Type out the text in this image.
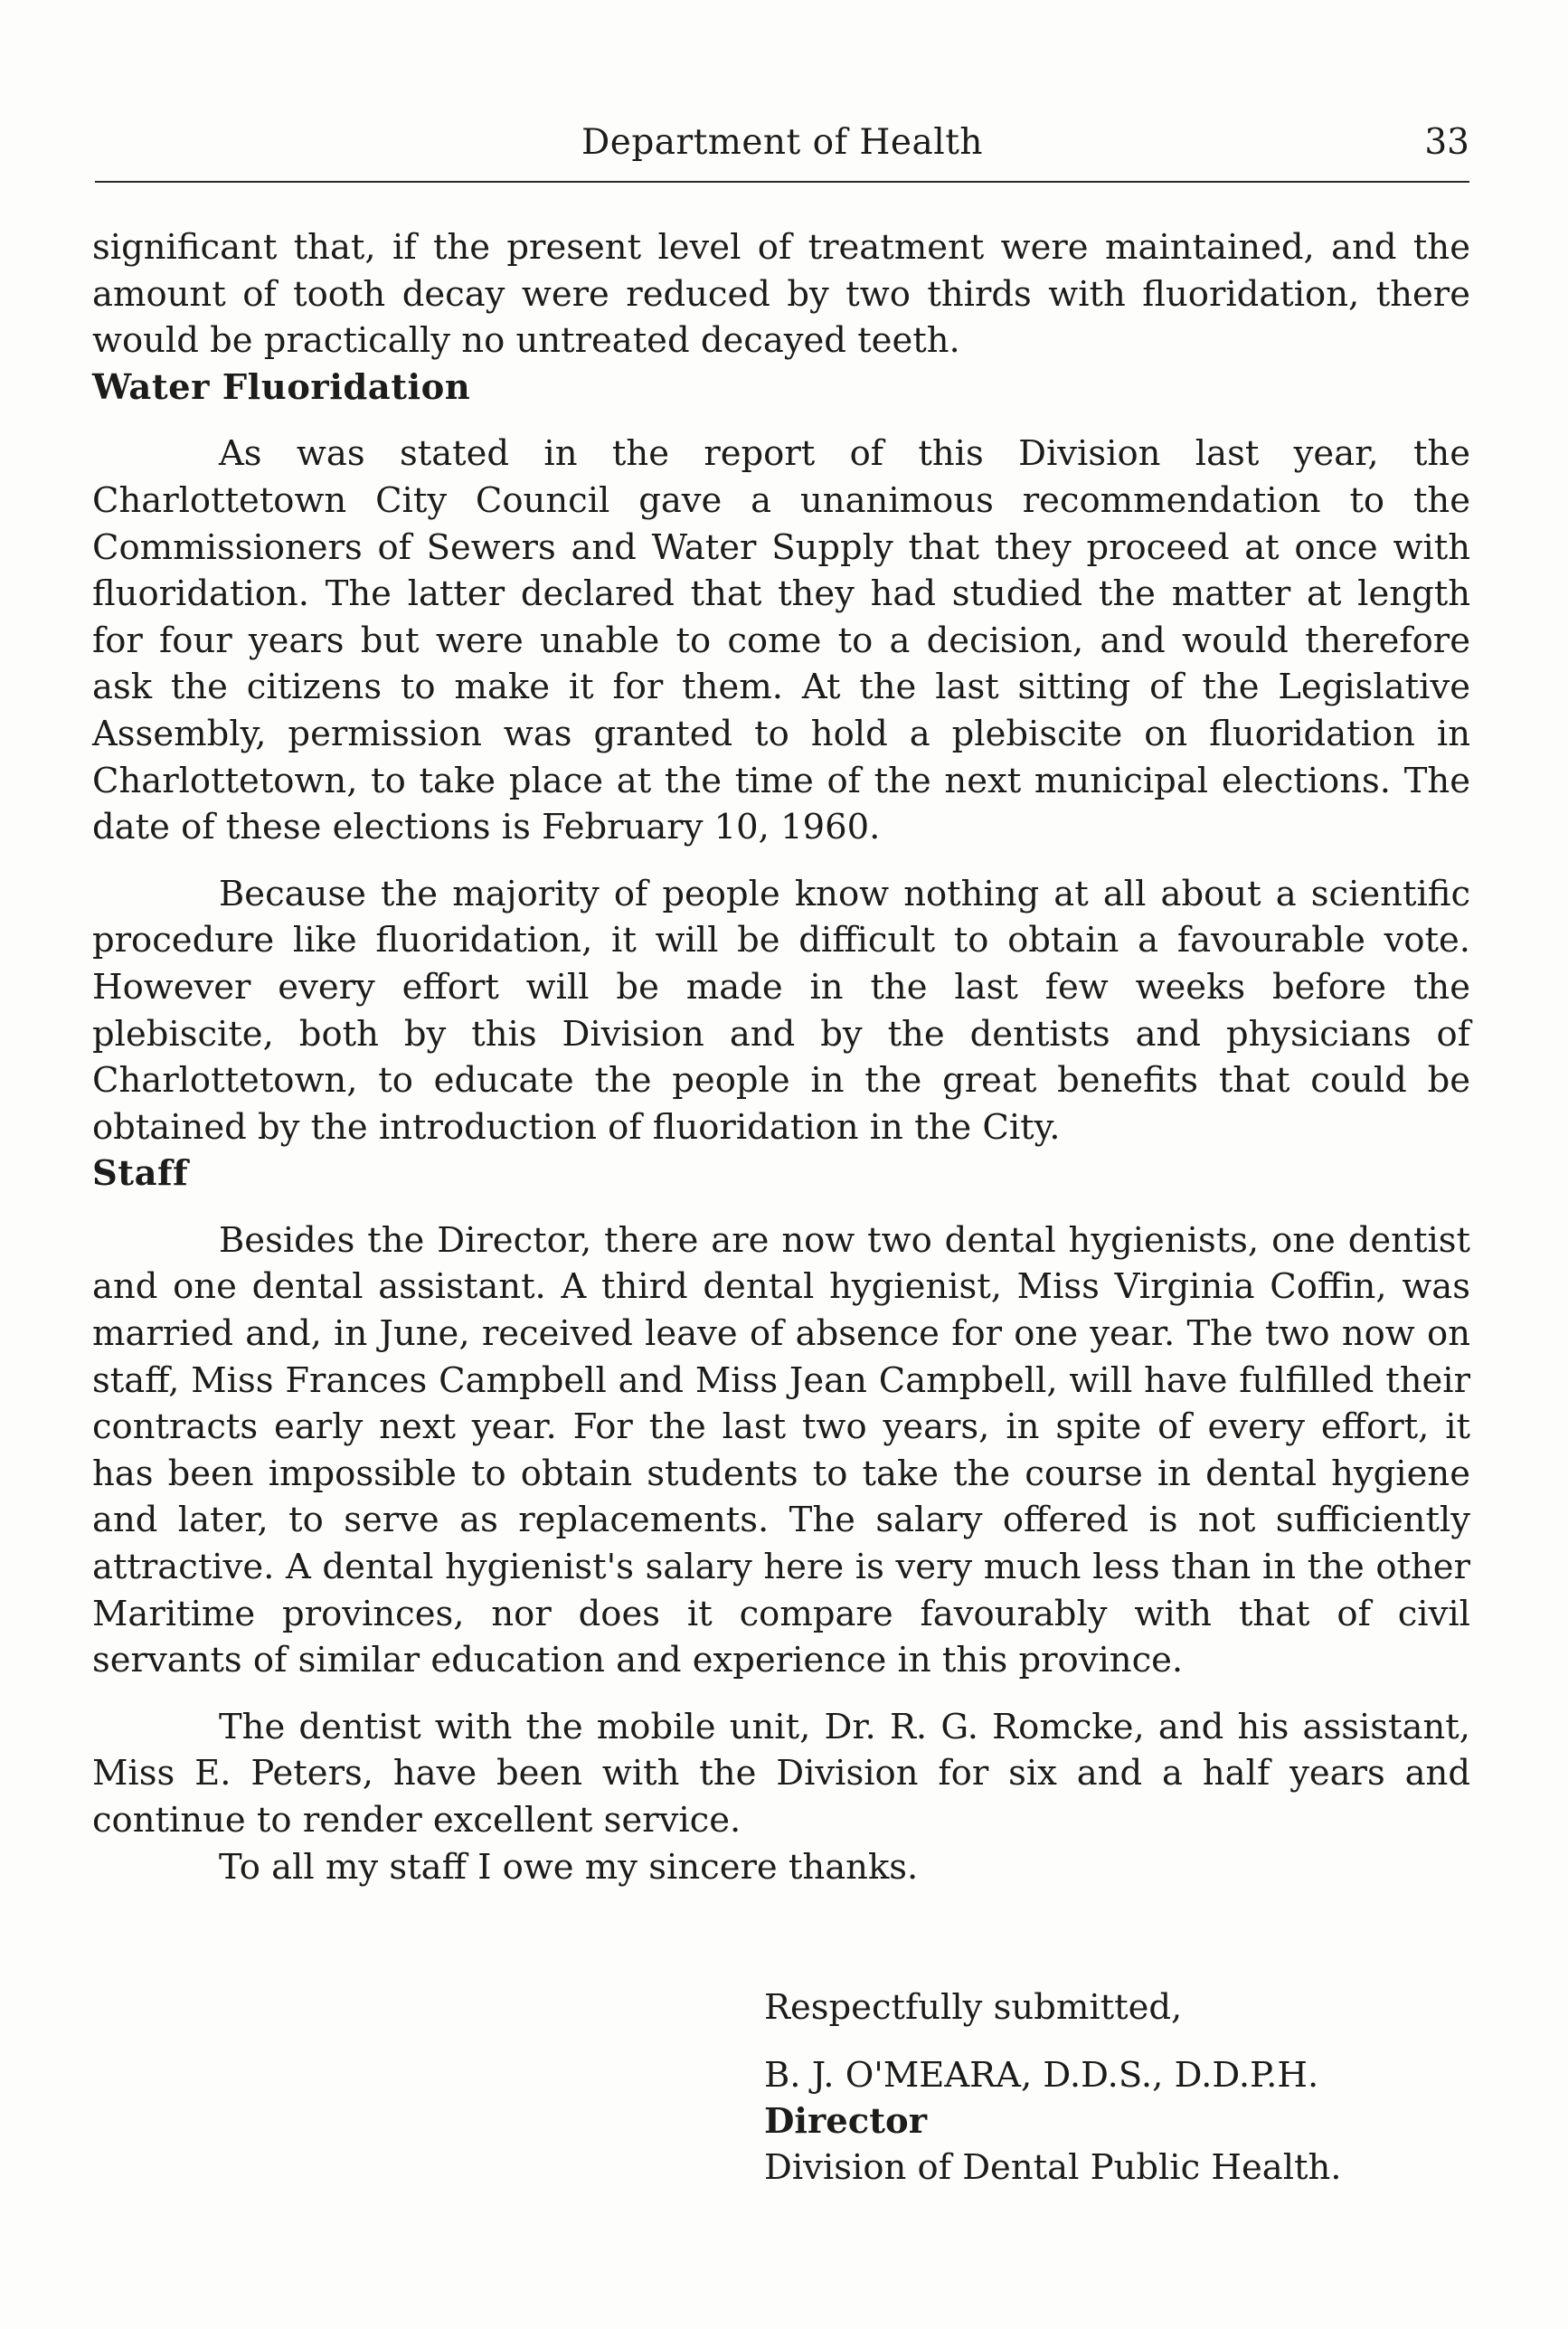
Department of Health	33

significant that, if the present level of treatment were maintained, and the amount of tooth decay were reduced by two thirds with fluoridation, there would be practically no untreated decayed teeth.

Water Fluoridation

As was stated in the report of this Division last year, the Charlottetown City Council gave a unanimous recommendation to the Commissioners of Sewers and Water Supply that they proceed at once with fluoridation. The latter declared that they had studied the matter at length for four years but were unable to come to a decision, and would therefore ask the citizens to make it for them. At the last sitting of the Legislative Assembly, permission was granted to hold a plebiscite on fluoridation in Charlottetown, to take place at the time of the next municipal elections. The date of these elections is February 10, 1960.

Because the majority of people know nothing at all about a scientific procedure like fluoridation, it will be difficult to obtain a favourable vote. However every effort will be made in the last few weeks before the plebiscite, both by this Division and by the dentists and physicians of Charlottetown, to educate the people in the great benefits that could be obtained by the introduction of fluoridation in the City.

Staff

Besides the Director, there are now two dental hygienists, one dentist and one dental assistant. A third dental hygienist, Miss Virginia Coffin, was married and, in June, received leave of absence for one year. The two now on staff, Miss Frances Campbell and Miss Jean Campbell, will have fulfilled their contracts early next year. For the last two years, in spite of every effort, it has been impossible to obtain students to take the course in dental hygiene and later, to serve as replacements. The salary offered is not sufficiently attractive. A dental hygienist's salary here is very much less than in the other Maritime provinces, nor does it compare favourably with that of civil servants of similar education and experience in this province.

The dentist with the mobile unit, Dr. R. G. Romcke, and his assistant, Miss E. Peters, have been with the Division for six and a half years and continue to render excellent service.

To all my staff I owe my sincere thanks.

Respectfully submitted,
B. J. O'MEARA, D.D.S., D.D.P.H.
Director
Division of Dental Public Health.
